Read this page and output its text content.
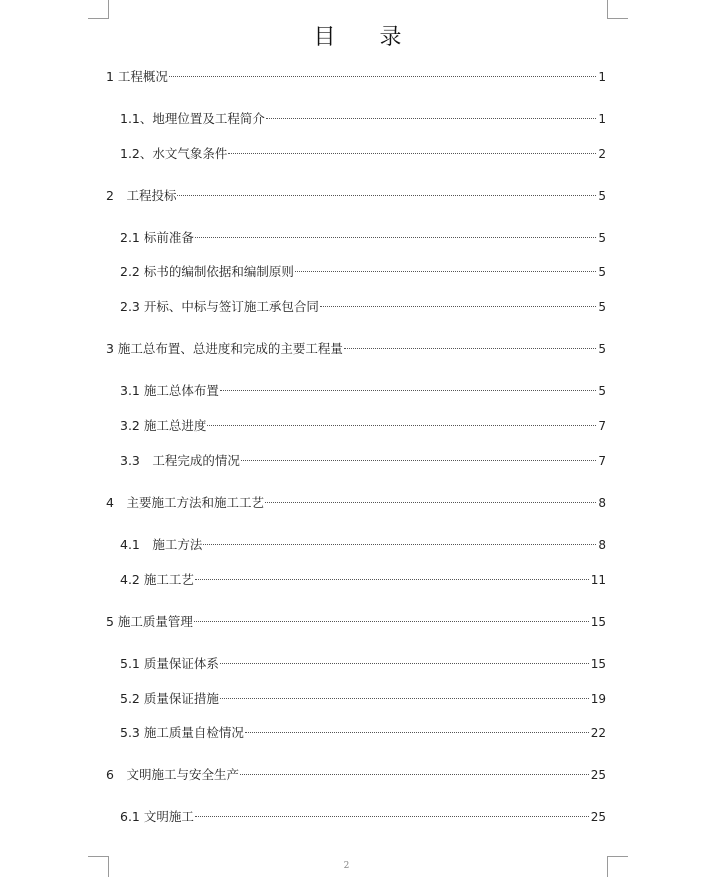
目　　录
1 工程概况	1
1.1、地理位置及工程简介	1
1.2、水文气象条件	2
2　工程投标	5
2.1 标前准备	5
2.2 标书的编制依据和编制原则	5
2.3 开标、中标与签订施工承包合同	5
3 施工总布置、总进度和完成的主要工程量	5
3.1 施工总体布置	5
3.2 施工总进度	7
3.3　工程完成的情况	7
4　主要施工方法和施工工艺	8
4.1　施工方法	8
4.2 施工工艺	11
5 施工质量管理	15
5.1 质量保证体系	15
5.2 质量保证措施	19
5.3 施工质量自检情况	22
6　文明施工与安全生产	25
6.1 文明施工	25
2
